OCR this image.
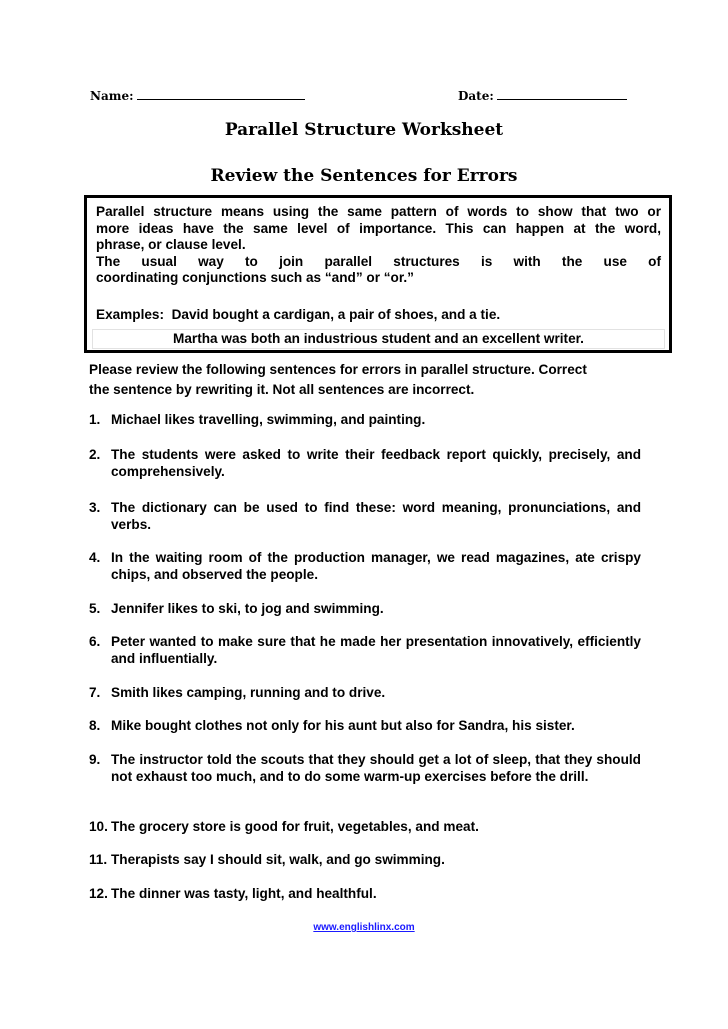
Name:	Date:
Parallel Structure Worksheet
Review the Sentences for Errors

Parallel structure means using the same pattern of words to show that two or

more ideas have the same level of importance. This can happen at the word,

phrase, or clause level.

The usual way to join parallel structures is with the use of

coordinating conjunctions such as “and” or “or.”

Examples: David bought a cardigan, a pair of shoes, and a tie.
Martha was both an industrious student and an excellent writer.
Please review the following sentences for errors in parallel structure. Correct
the sentence by rewriting it. Not all sentences are incorrect.
1. Michael likes travelling, swimming, and painting.
2. The students were asked to write their feedback report quickly, precisely, and comprehensively.
3. The dictionary can be used to find these: word meaning, pronunciations, and verbs.
4. In the waiting room of the production manager, we read magazines, ate crispy chips, and observed the people.
5. Jennifer likes to ski, to jog and swimming.
6. Peter wanted to make sure that he made her presentation innovatively, efficiently and influentially.
7. Smith likes camping, running and to drive.
8. Mike bought clothes not only for his aunt but also for Sandra, his sister.
9. The instructor told the scouts that they should get a lot of sleep, that they should not exhaust too much, and to do some warm-up exercises before the drill.
10. The grocery store is good for fruit, vegetables, and meat.
11. Therapists say I should sit, walk, and go swimming.
12. The dinner was tasty, light, and healthful.
www.englishlinx.com
